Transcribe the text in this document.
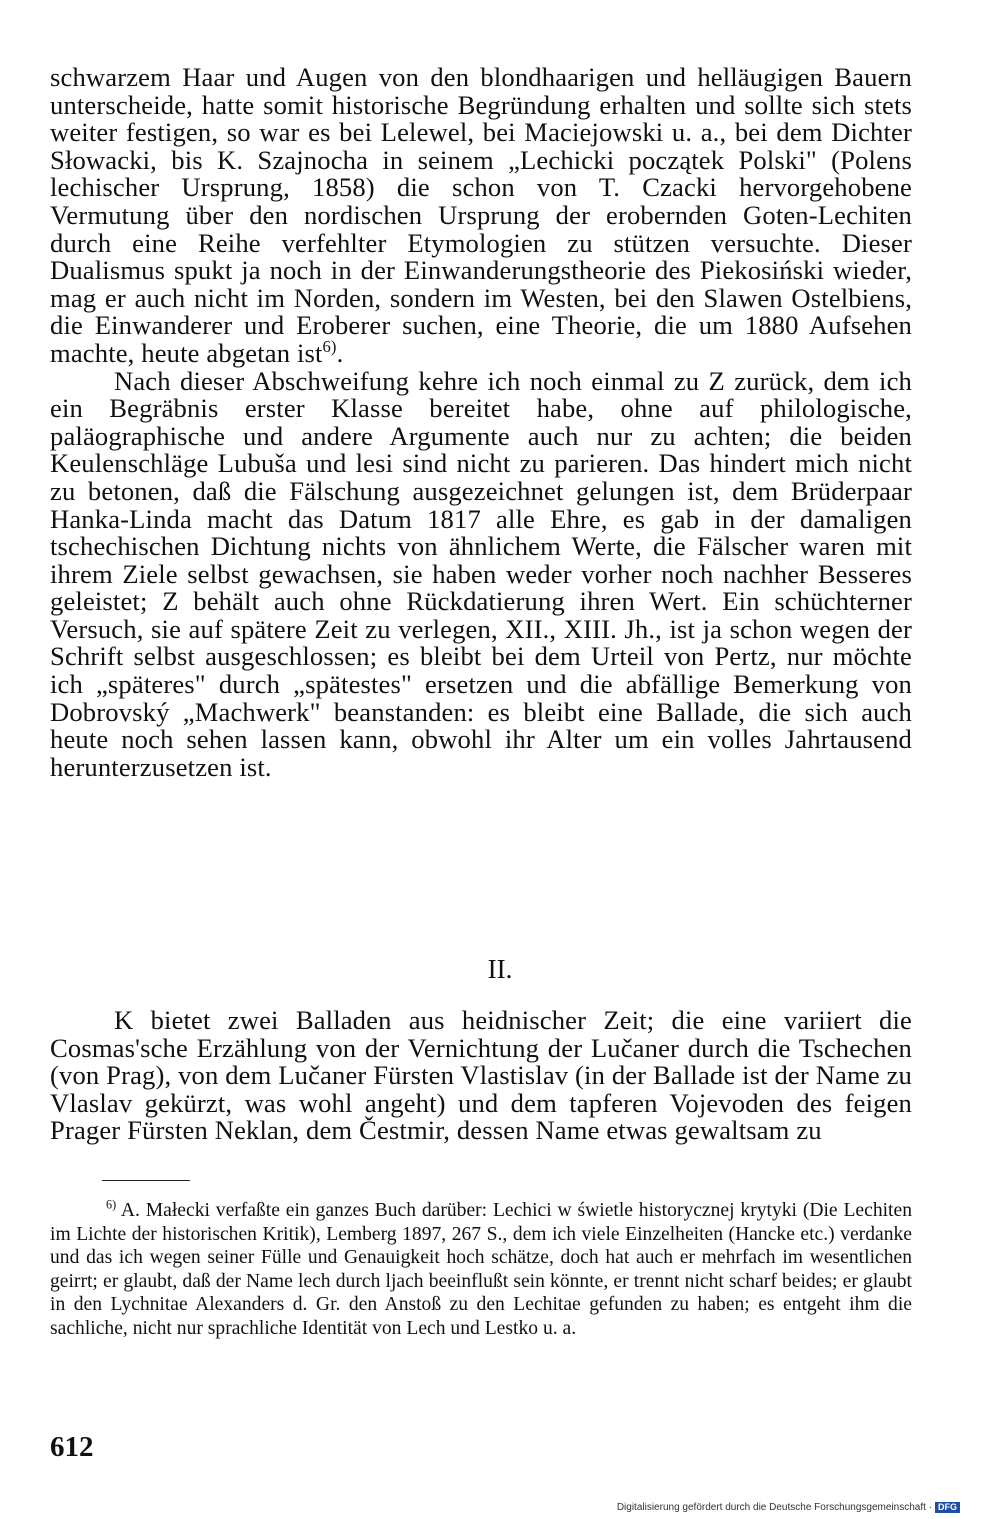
schwarzem Haar und Augen von den blondhaarigen und helläugigen Bauern unterscheide, hatte somit historische Begründung erhalten und sollte sich stets weiter festigen, so war es bei Lelewel, bei Maciejowski u. a., bei dem Dichter Słowacki, bis K. Szajnocha in seinem „Lechicki początek Polski" (Polens lechischer Ursprung, 1858) die schon von T. Czacki hervorgehobene Vermutung über den nordischen Ursprung der erobernden Goten-Lechiten durch eine Reihe verfehlter Etymologien zu stützen versuchte. Dieser Dualismus spukt ja noch in der Einwanderungstheorie des Piekosiński wieder, mag er auch nicht im Norden, sondern im Westen, bei den Slawen Ostelbiens, die Einwanderer und Eroberer suchen, eine Theorie, die um 1880 Aufsehen machte, heute abgetan ist$^{6)}$.

Nach dieser Abschweifung kehre ich noch einmal zu Z zurück, dem ich ein Begräbnis erster Klasse bereitet habe, ohne auf philologische, paläographische und andere Argumente auch nur zu achten; die beiden Keulenschläge Lubuša und lesi sind nicht zu parieren. Das hindert mich nicht zu betonen, daß die Fälschung ausgezeichnet gelungen ist, dem Brüderpaar Hanka-Linda macht das Datum 1817 alle Ehre, es gab in der damaligen tschechischen Dichtung nichts von ähnlichem Werte, die Fälscher waren mit ihrem Ziele selbst gewachsen, sie haben weder vorher noch nachher Besseres geleistet; Z behält auch ohne Rückdatierung ihren Wert. Ein schüchterner Versuch, sie auf spätere Zeit zu verlegen, XII., XIII. Jh., ist ja schon wegen der Schrift selbst ausgeschlossen; es bleibt bei dem Urteil von Pertz, nur möchte ich „späteres" durch „spätestes" ersetzen und die abfällige Bemerkung von Dobrovský „Machwerk" beanstanden: es bleibt eine Ballade, die sich auch heute noch sehen lassen kann, obwohl ihr Alter um ein volles Jahrtausend herunterzusetzen ist.

II.

K bietet zwei Balladen aus heidnischer Zeit; die eine variiert die Cosmas'sche Erzählung von der Vernichtung der Lučaner durch die Tschechen (von Prag), von dem Lučaner Fürsten Vlastislav (in der Ballade ist der Name zu Vlaslav gekürzt, was wohl angeht) und dem tapferen Vojevoden des feigen Prager Fürsten Neklan, dem Čestmir, dessen Name etwas gewaltsam zu

$^{6)}$ A. Małecki verfaßte ein ganzes Buch darüber: Lechici w świetle historycznej krytyki (Die Lechiten im Lichte der historischen Kritik), Lemberg 1897, 267 S., dem ich viele Einzelheiten (Hancke etc.) verdanke und das ich wegen seiner Fülle und Genauigkeit hoch schätze, doch hat auch er mehrfach im wesentlichen geirrt; er glaubt, daß der Name lech durch ljach beeinflußt sein könnte, er trennt nicht scharf beides; er glaubt in den Lychnitae Alexanders d. Gr. den Anstoß zu den Lechitae gefunden zu haben; es entgeht ihm die sachliche, nicht nur sprachliche Identität von Lech und Lestko u. a.
612
Digitalisierung gefördert durch die Deutsche Forschungsgemeinschaft · DFG
